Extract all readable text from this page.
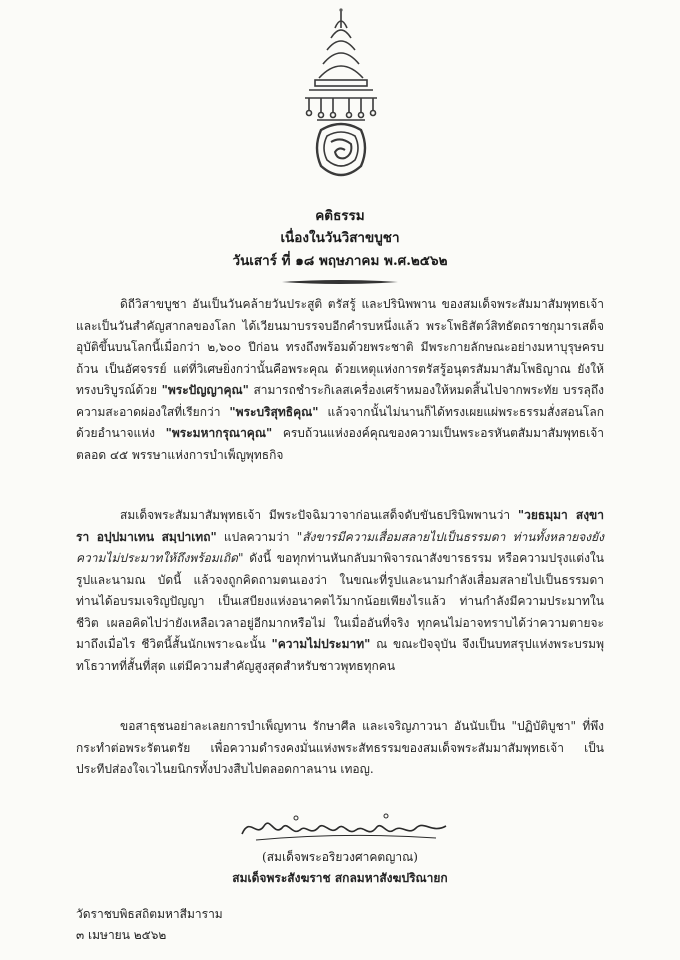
คติธรรม
เนื่องในวันวิสาขบูชา
วันเสาร์ ที่ ๑๘ พฤษภาคม พ.ศ.๒๕๖๒
ดิถีวิสาขบูชา อันเป็นวันคล้ายวันประสูติ ตรัสรู้ และปรินิพพาน ของสมเด็จพระสัมมาสัมพุทธเจ้า และเป็นวันสำคัญสากลของโลก ได้เวียนมาบรรจบอีกคำรบหนึ่งแล้ว พระโพธิสัตว์สิทธัตถราชกุมารเสด็จอุบัติขึ้นบนโลกนี้เมื่อกว่า ๒,๖๐๐ ปีก่อน ทรงถึงพร้อมด้วยพระชาติ มีพระกายลักษณะอย่างมหาบุรุษครบถ้วน เป็นอัศจรรย์ แต่ที่วิเศษยิ่งกว่านั้นคือพระคุณ ด้วยเหตุแห่งการตรัสรู้อนุตรสัมมาสัมโพธิญาณ ยังให้ทรงบริบูรณ์ด้วย "พระปัญญาคุณ" สามารถชำระกิเลสเครื่องเศร้าหมองให้หมดสิ้นไปจากพระทัย บรรลุถึงความสะอาดผ่องใสที่เรียกว่า "พระบริสุทธิคุณ" แล้วจากนั้นไม่นานก็ได้ทรงเผยแผ่พระธรรมสั่งสอนโลก ด้วยอำนาจแห่ง "พระมหากรุณาคุณ" ครบถ้วนแห่งองค์คุณของความเป็นพระอรหันตสัมมาสัมพุทธเจ้า ตลอด ๔๕ พรรษาแห่งการบำเพ็ญพุทธกิจ
สมเด็จพระสัมมาสัมพุทธเจ้า มีพระปัจฉิมวาจาก่อนเสด็จดับขันธปรินิพพานว่า "วยธมฺมา สงฺขารา อปฺปมาเทน สมฺปาเทถ" แปลความว่า "สังขารมีความเสื่อมสลายไปเป็นธรรมดา ท่านทั้งหลายจงยังความไม่ประมาทให้ถึงพร้อมเถิด" ดังนี้ ขอทุกท่านหันกลับมาพิจารณาสังขารธรรม หรือความปรุงแต่งในรูปและนามณ บัดนี้ แล้วจงถูกคิดถามตนเองว่า ในขณะที่รูปและนามกำลังเสื่อมสลายไปเป็นธรรมดา ท่านได้อบรมเจริญปัญญา เป็นเสบียงแห่งอนาคตไว้มากน้อยเพียงไรแล้ว ท่านกำลังมีความประมาทในชีวิต เผลอคิดไปว่ายังเหลือเวลาอยู่อีกมากหรือไม่ ในเมื่ออันที่จริง ทุกคนไม่อาจทราบได้ว่าความตายจะมาถึงเมื่อไร ชีวิตนี้สั้นนักเพราะฉะนั้น "ความไม่ประมาท" ณ ขณะปัจจุบัน จึงเป็นบทสรุปแห่งพระบรมพุทโธวาทที่สั้นที่สุด แต่มีความสำคัญสูงสุดสำหรับชาวพุทธทุกคน
ขอสาธุชนอย่าละเลยการบำเพ็ญทาน รักษาศีล และเจริญภาวนา อันนับเป็น "ปฏิบัติบูชา" ที่พึงกระทำต่อพระรัตนตรัย เพื่อความดำรงคงมั่นแห่งพระสัทธรรมของสมเด็จพระสัมมาสัมพุทธเจ้า เป็นประทีปส่องใจเวไนยนิกรทั้งปวงสืบไปตลอดกาลนาน เทอญ.
(สมเด็จพระอริยวงศาคตญาณ)
สมเด็จพระสังฆราช สกลมหาสังฆปริณายก
วัดราชบพิธสถิตมหาสีมาราม
๓ เมษายน ๒๕๖๒
